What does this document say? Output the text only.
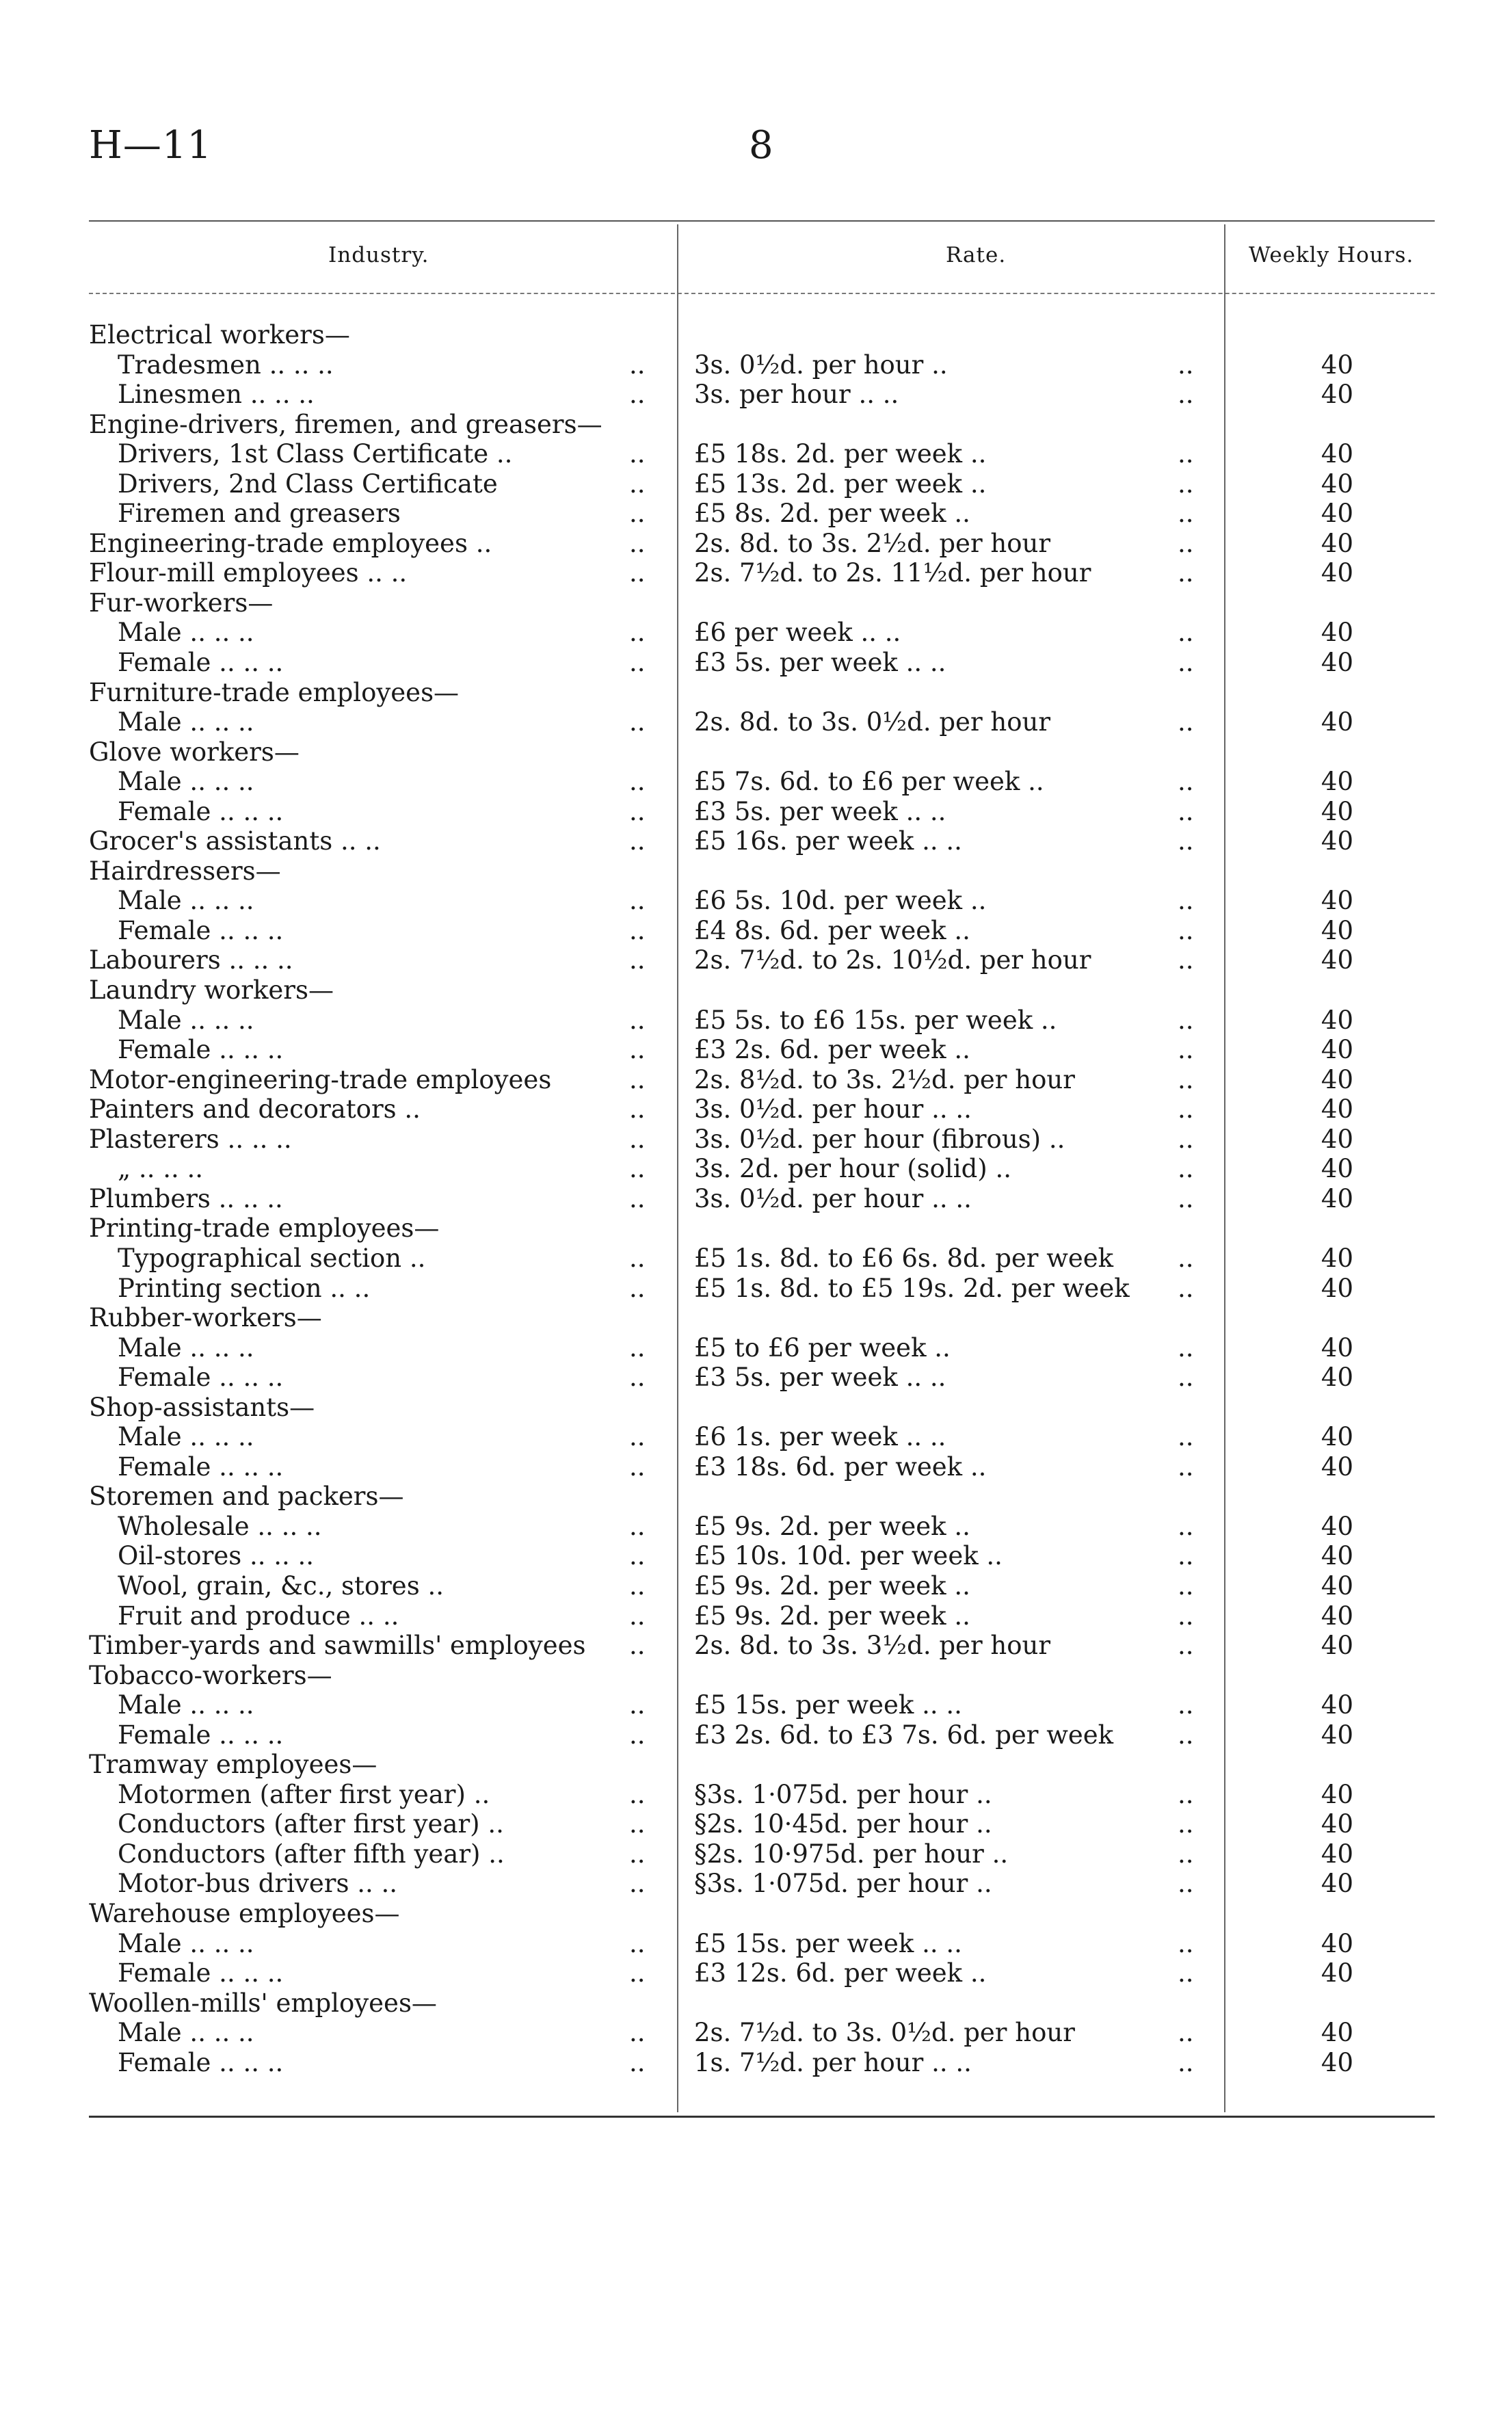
H—11	8
Industry.	Rate.	Weekly Hours.
Electrical workers—
Tradesmen .. .. ..	.. 3s. 0½d. per hour ..	..	40
Linesmen .. .. ..	.. 3s. per hour .. ..	..	40
Engine-drivers, firemen, and greasers—
Drivers, 1st Class Certificate ..	.. £5 18s. 2d. per week ..	..	40
Drivers, 2nd Class Certificate	.. £5 13s. 2d. per week ..	..	40
Firemen and greasers	.. £5 8s. 2d. per week ..	..	40
Engineering-trade employees ..	.. 2s. 8d. to 3s. 2½d. per hour	..	40
Flour-mill employees .. ..	.. 2s. 7½d. to 2s. 11½d. per hour	..	40
Fur-workers—
Male .. .. ..	.. £6 per week .. ..	..	40
Female .. .. ..	.. £3 5s. per week .. ..	..	40
Furniture-trade employees—
Male .. .. ..	.. 2s. 8d. to 3s. 0½d. per hour	..	40
Glove workers—
Male .. .. ..	.. £5 7s. 6d. to £6 per week ..	..	40
Female .. .. ..	.. £3 5s. per week .. ..	..	40
Grocer's assistants .. ..	.. £5 16s. per week .. ..	..	40
Hairdressers—
Male .. .. ..	.. £6 5s. 10d. per week ..	..	40
Female .. .. ..	.. £4 8s. 6d. per week ..	..	40
Labourers .. .. ..	.. 2s. 7½d. to 2s. 10½d. per hour	..	40
Laundry workers—
Male .. .. ..	.. £5 5s. to £6 15s. per week ..	..	40
Female .. .. ..	.. £3 2s. 6d. per week ..	..	40
Motor-engineering-trade employees	.. 2s. 8½d. to 3s. 2½d. per hour	..	40
Painters and decorators ..	.. 3s. 0½d. per hour .. ..	..	40
Plasterers .. .. ..	.. 3s. 0½d. per hour (fibrous) ..	..	40
„ .. .. ..	.. 3s. 2d. per hour (solid) ..	..	40
Plumbers .. .. ..	.. 3s. 0½d. per hour .. ..	..	40
Printing-trade employees—
Typographical section ..	.. £5 1s. 8d. to £6 6s. 8d. per week	..	40
Printing section .. ..	.. £5 1s. 8d. to £5 19s. 2d. per week ..	40
Rubber-workers—
Male .. .. ..	.. £5 to £6 per week ..	..	40
Female .. .. ..	.. £3 5s. per week .. ..	..	40
Shop-assistants—
Male .. .. ..	.. £6 1s. per week .. ..	..	40
Female .. .. ..	.. £3 18s. 6d. per week ..	..	40
Storemen and packers—
Wholesale .. .. ..	.. £5 9s. 2d. per week ..	..	40
Oil-stores .. .. ..	.. £5 10s. 10d. per week ..	..	40
Wool, grain, &c., stores ..	.. £5 9s. 2d. per week ..	..	40
Fruit and produce .. ..	.. £5 9s. 2d. per week ..	..	40
Timber-yards and sawmills' employees .. 2s. 8d. to 3s. 3½d. per hour	..	40
Tobacco-workers—
Male .. .. ..	.. £5 15s. per week .. ..	..	40
Female .. .. ..	.. £3 2s. 6d. to £3 7s. 6d. per week	..	40
Tramway employees—
Motormen (after first year) ..	.. §3s. 1·075d. per hour ..	..	40
Conductors (after first year) ..	.. §2s. 10·45d. per hour ..	..	40
Conductors (after fifth year) ..	.. §2s. 10·975d. per hour ..	..	40
Motor-bus drivers .. ..	.. §3s. 1·075d. per hour ..	..	40
Warehouse employees—
Male .. .. ..	.. £5 15s. per week .. ..	..	40
Female .. .. ..	.. £3 12s. 6d. per week ..	..	40
Woollen-mills' employees—
Male .. .. ..	.. 2s. 7½d. to 3s. 0½d. per hour	..	40
Female .. .. ..	.. 1s. 7½d. per hour .. ..	..	40
